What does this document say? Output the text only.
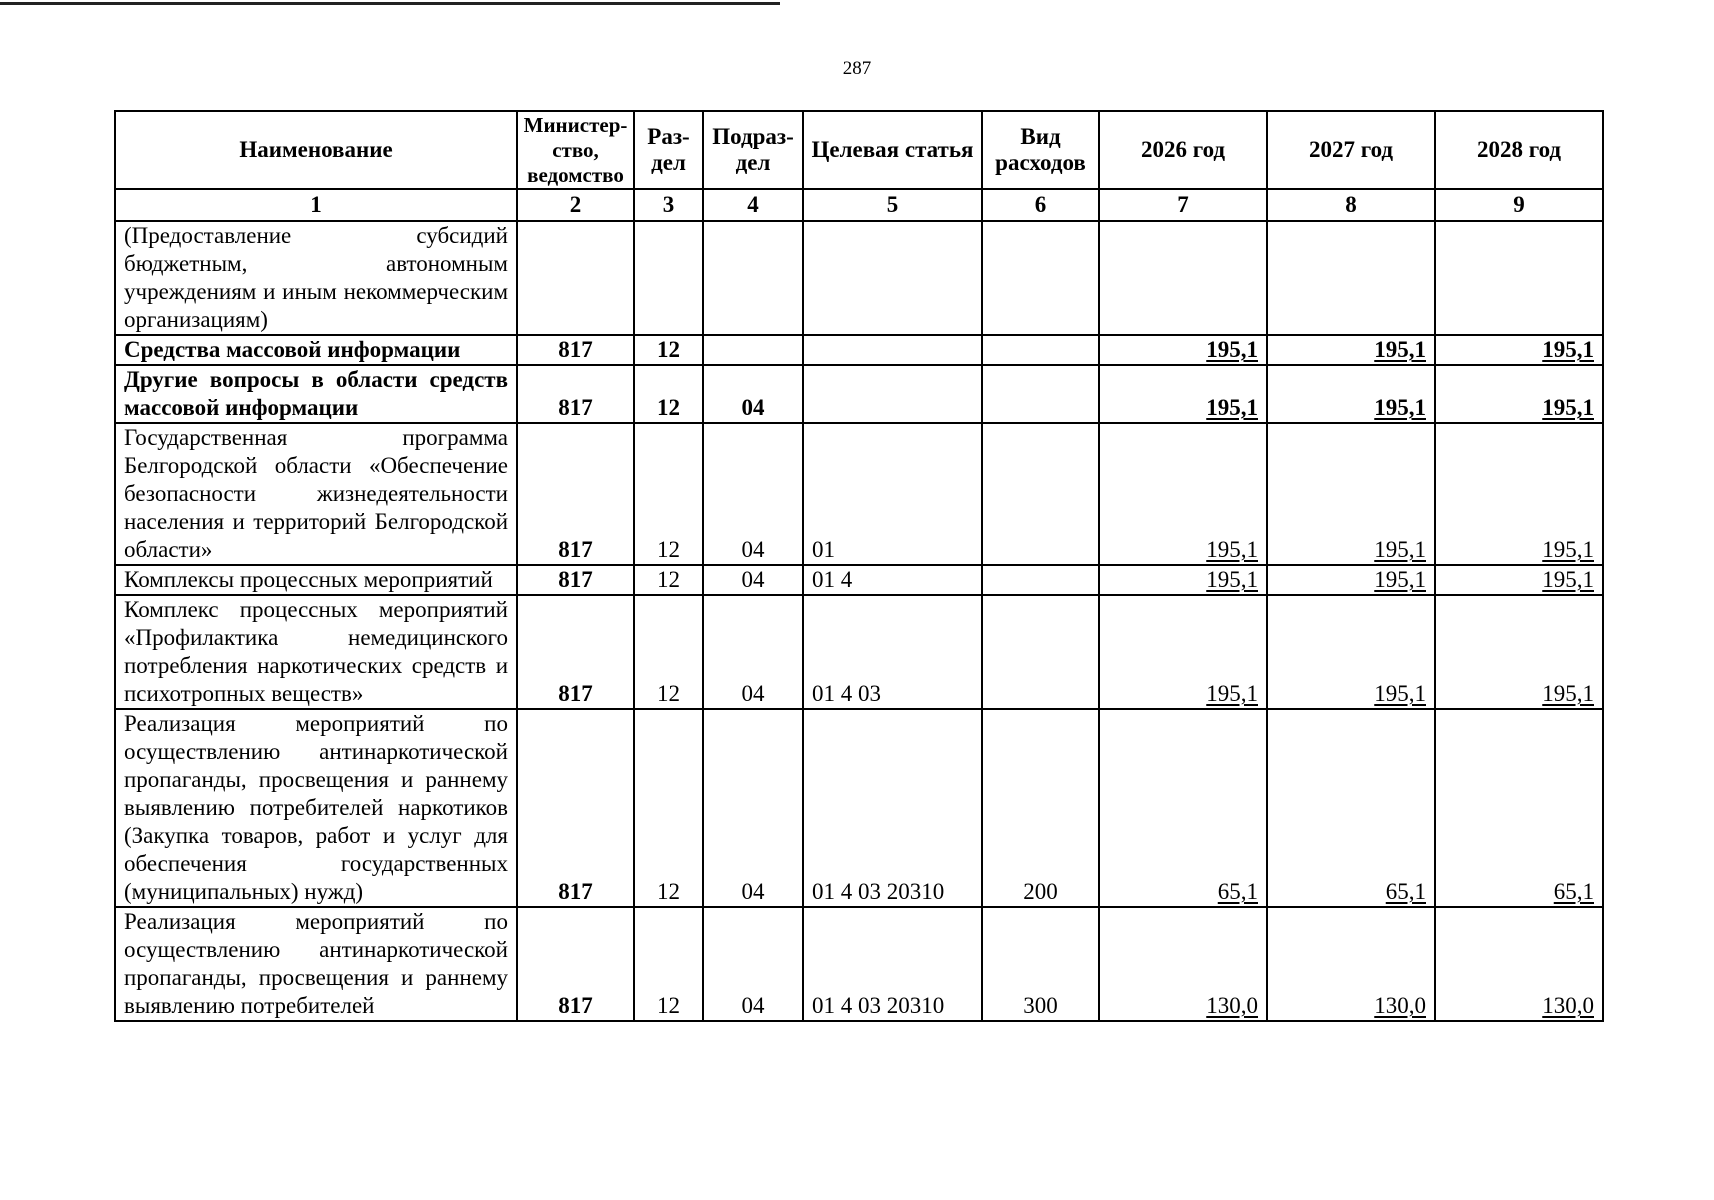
287
Наименование	Министер-ство, ведомство	Раз-дел	Подраз-дел	Целевая статья	Вид расходов	2026 год	2027 год	2028 год
1	2	3	4	5	6	7	8	9
(Предоставление субсидий бюджетным, автономным учреждениям и иным некоммерческим организациям)								
Средства массовой информации	817	12				195,1	195,1	195,1
Другие вопросы в области средств массовой информации	817	12	04			195,1	195,1	195,1
Государственная программа Белгородской области «Обеспечение безопасности жизнедеятельности населения и территорий Белгородской области»	817	12	04	01		195,1	195,1	195,1
Комплексы процессных мероприятий	817	12	04	01 4		195,1	195,1	195,1
Комплекс процессных мероприятий «Профилактика немедицинского потребления наркотических средств и психотропных веществ»	817	12	04	01 4 03		195,1	195,1	195,1
Реализация мероприятий по осуществлению антинаркотической пропаганды, просвещения и раннему выявлению потребителей наркотиков (Закупка товаров, работ и услуг для обеспечения государственных (муниципальных) нужд)	817	12	04	01 4 03 20310	200	65,1	65,1	65,1
Реализация мероприятий по осуществлению антинаркотической пропаганды, просвещения и раннему выявлению потребителей	817	12	04	01 4 03 20310	300	130,0	130,0	130,0
